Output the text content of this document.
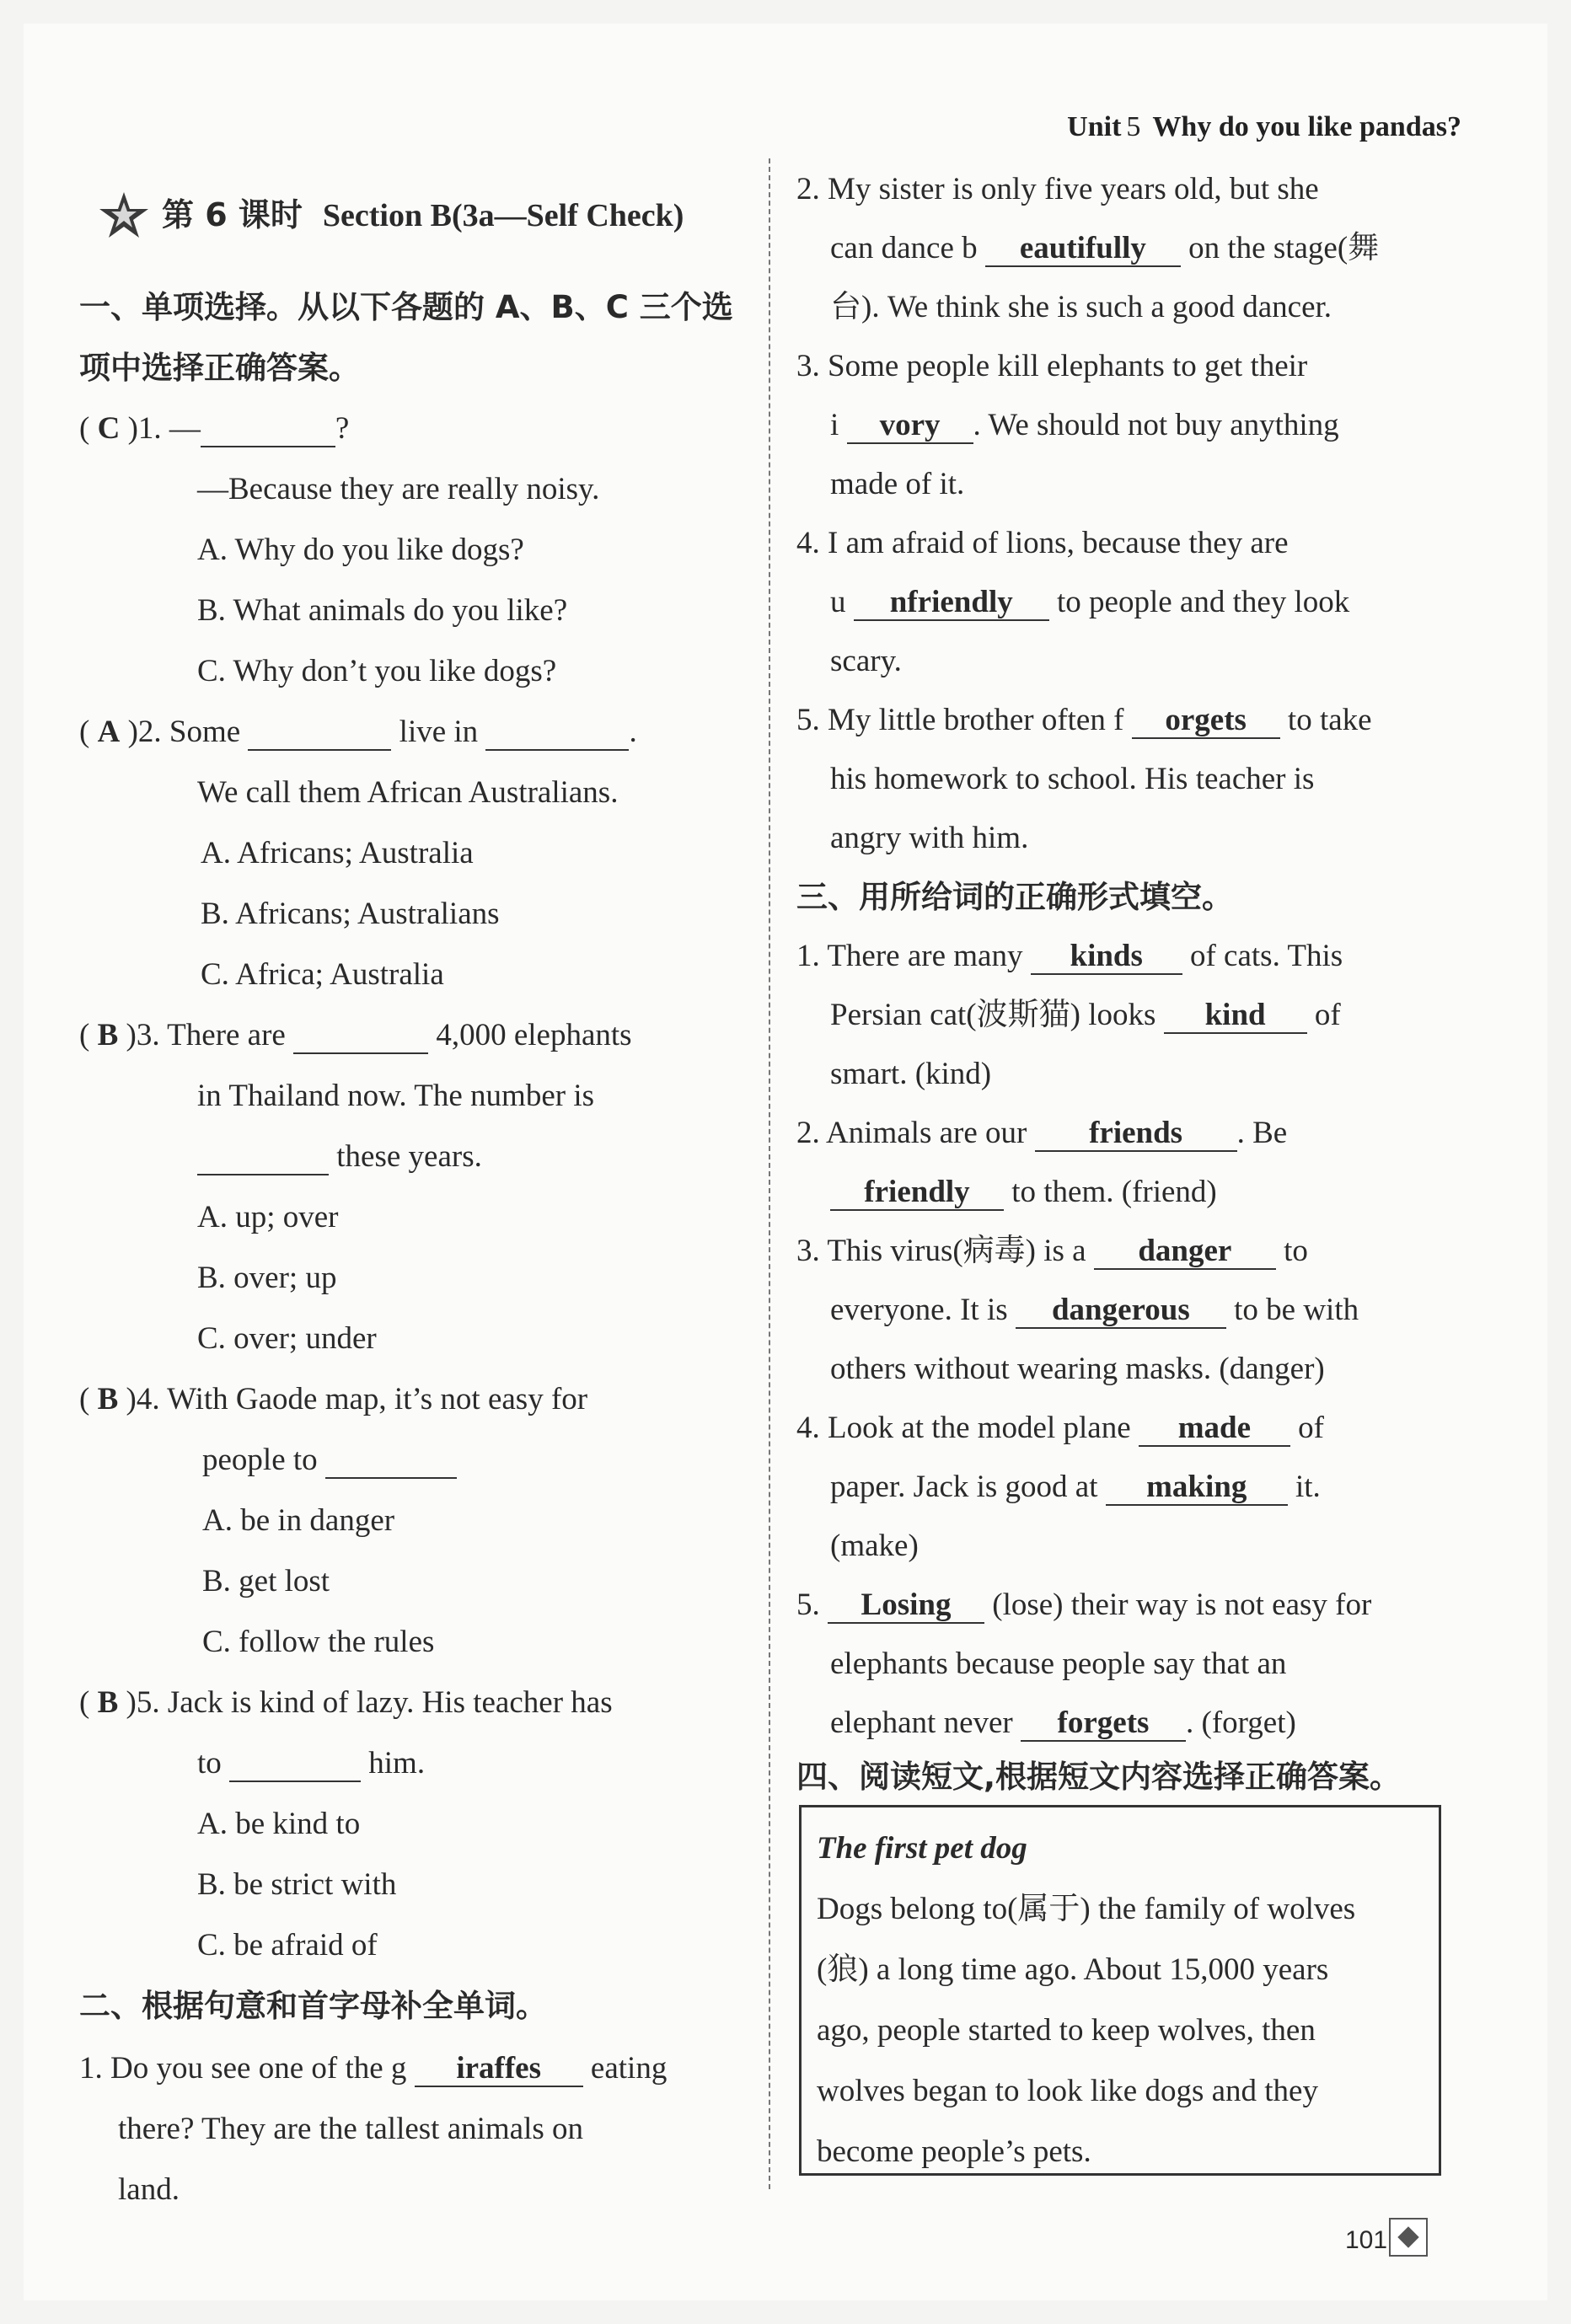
Unit 5 Why do you like pandas?
第 6 课时 Section B(3a—Self Check)
一、单项选择。从以下各题的 A、B、C 三个选
项中选择正确答案。
( C )1. —	?
—Because they are really noisy.
A. Why do you like dogs?
B. What animals do you like?
C. Why don’t you like dogs?
( A )2. Some	live in	.
We call them African Australians.
A. Africans; Australia
B. Africans; Australians
C. Africa; Australia
( B )3. There are	4,000 elephants
in Thailand now. The number is
these years.
A. up; over
B. over; up
C. over; under
( B )4. With Gaode map, it’s not easy for
people to
A. be in danger
B. get lost
C. follow the rules
( B )5. Jack is kind of lazy. His teacher has
to	him.
A. be kind to
B. be strict with
C. be afraid of
二、根据句意和首字母补全单词。
1. Do you see one of the g iraffes eating
there? They are the tallest animals on
land.
2. My sister is only five years old, but she
can dance b eautifully on the stage(舞
台). We think she is such a good dancer.
3. Some people kill elephants to get their
i vory . We should not buy anything
made of it.
4. I am afraid of lions, because they are
u nfriendly to people and they look
scary.
5. My little brother often f orgets to take
his homework to school. His teacher is
angry with him.
三、用所给词的正确形式填空。
1. There are many kinds of cats. This
Persian cat(波斯猫) looks kind of
smart. (kind)
2. Animals are our friends . Be
friendly to them. (friend)
3. This virus(病毒) is a danger to
everyone. It is dangerous to be with
others without wearing masks. (danger)
4. Look at the model plane made of
paper. Jack is good at making it.
(make)
5. Losing (lose) their way is not easy for
elephants because people say that an
elephant never forgets . (forget)
四、阅读短文,根据短文内容选择正确答案。
The first pet dog
Dogs belong to(属于) the family of wolves
(狼) a long time ago. About 15,000 years
ago, people started to keep wolves, then
wolves began to look like dogs and they
become people’s pets.
101
